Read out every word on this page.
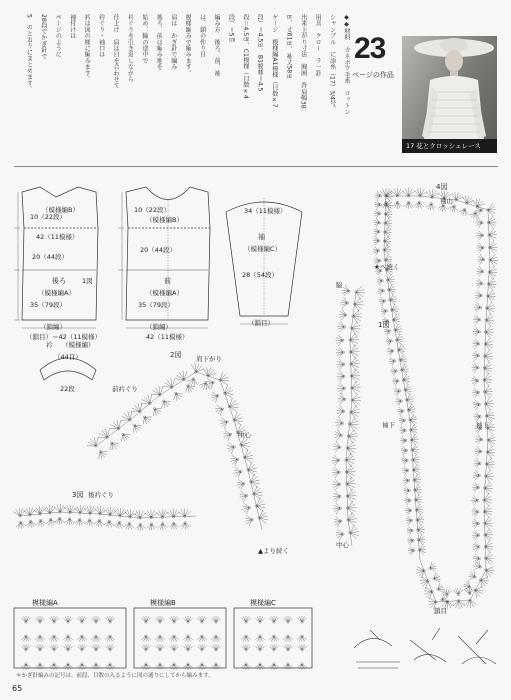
◆◆材料　カネボウ毛糸　コットン
シャンブル　に添糸（17）3/4号、
用具　クロー　ラ一針
出来上がり寸法　胸囲　背肩幅38
㎝、丈61㎝、袖丈58㎝
ゲージ　模様編A1模様（目数×7
段）＝4.5㎝、B1模様＝4.5
段＝4.5㎝、C1模様（目数×4
段）＝5㎝
編み方　後ろ、前、袖
は、鎖の作り目
模様編みで編みます。
肩は　かぎ針で編み
後ろ、前は編み地を
始め、輪の途中で
衿ぐりを引き返しながら
仕上げ　肩は目を合わせて
衿ぐり・袖口は
衿は図の様に編みます。
袖付けは
ページのように
28段でかぎ針で
5　のとおりにまとめます。	23
ページの作品
17 花とクロッシェレース
（模様編B）
42（11模様）
20（44段）
後ろ 1図
（模様編A）
35（79段）
（鎖編）
（鎖目）＝42（11模様）
10（22段）	（模様編B）
20（44段）
前
（模様編A）
35（79段）
（鎖編）
42（11模様）
10（22段）	34（11模様）
袖
（模様編C）
28（54段）
（鎖目）
衿 （模様編）
（44目）
22段
2図 肩下がり
前衿ぐり
▲より続く
中心
3図 後衿ぐり
1図
脇
袖下
中心
4図
袖山
★へ続く
袖下
鎖目
模様編A	模様編B	模様編C
＊かぎ針編みの記号は、前段、目数の入るように図の通りにしてから編みます。
65
